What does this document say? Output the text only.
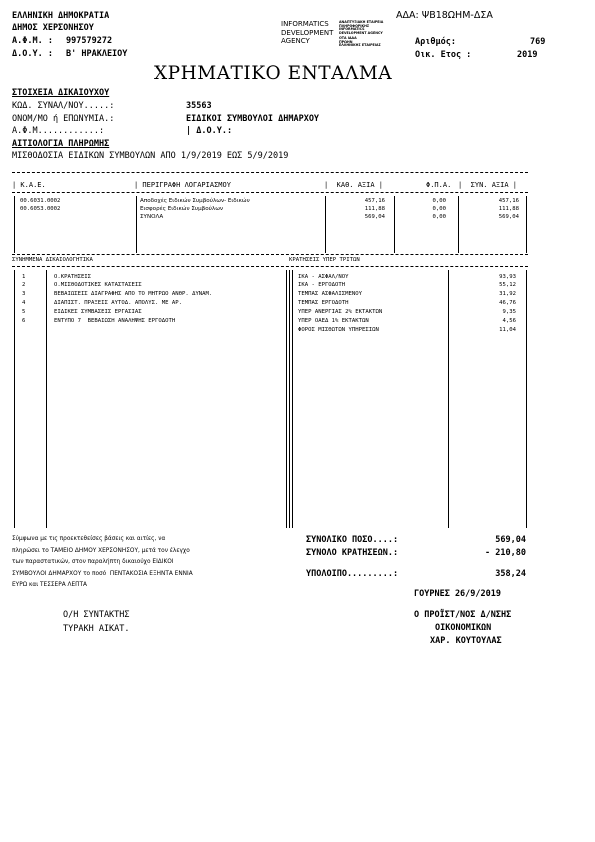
ΕΛΛΗΝΙΚΗ ΔΗΜΟΚΡΑΤΙΑ
ΔΗΜΟΣ ΧΕΡΣΟΝΗΣΟΥ
Α.Φ.Μ. : 997579272
Δ.Ο.Υ. : Β' ΗΡΑΚΛΕΙΟΥ
ΑΔΑ: ΨΒ18ΩΗΜ-ΔΣΑ
INFORMATICS DEVELOPMENT AGENCY
ΑΝΑΠΤΥΞΙΑΚΗ ΕΤΑΙΡΕΙΑ
ΠΛΗΡΟΦΟΡΙΚΗΣ
INFORMATICS
DEVELOPMENT AGENCY
ΟΤΑ ΙΔΑΑ
ΠΡΩΗΝ
ΕΛΛΗΝΙΚΗΣ ΕΤΑΙΡΕΙΑΣ	Αριθμός:	769
Οικ. Ετος :	2019
ΧΡΗΜΑΤΙΚΟ ΕΝΤΑΛΜΑ
ΣΤΟΙΧΕΙΑ ΔΙΚΑΙΟΥΧΟΥ
ΚΩΔ. ΣΥΝΑΛ/ΝΟΥ.....:	35563
ΟΝΟΜ/ΜΟ ή ΕΠΩΝΥΜΙΑ.:	ΕΙΔΙΚΟΙ ΣΥΜΒΟΥΛΟΙ ΔΗΜΑΡΧΟΥ
Α.Φ.Μ............:	| Δ.Ο.Υ.:
ΑΙΤΙΟΛΟΓΙΑ ΠΛΗΡΩΜΗΣ
ΜΙΣΘΟΔΟΣΙΑ ΕΙΔΙΚΩΝ ΣΥΜΒΟΥΛΩΝ ΑΠΟ 1/9/2019 ΕΩΣ 5/9/2019
| Κ.Α.Ε.	| ΠΕΡΙΓΡΑΦΗ ΛΟΓΑΡΙΑΣΜΟΥ	|  ΚΑΘ. ΑΞΙΑ |	Φ.Π.Α. |  ΣΥΝ. ΑΞΙΑ |
00.6031.0002	Αποδοχές Ειδικών Συμβούλων- Ειδικών	457,16	0,00	457,16
00.6053.0002	Εισφορές Ειδικών Συμβούλων	111,88	0,00	111,88
ΣΥΝΟΛΑ	569,04	0,00	569,04
ΣΥΝΗΜΜΕΝΑ ΔΙΚΑΙΟΛΟΓΗΤΙΚΑ	ΚΡΑΤΗΣΕΙΣ ΥΠΕΡ ΤΡΙΤΩΝ
1	Ο.ΚΡΑΤΗΣΕΙΣ
2	Ο.ΜΙΣΘΟΔΟΤΙΚΕΣ ΚΑΤΑΣΤΑΣΕΙΣ
3	ΒΕΒΑΙΩΣΕΙΣ ΔΙΑΓΡΑΦΗΣ ΑΠΟ ΤΟ ΜΗΤΡΩΟ ΑΝΘΡ. ΔΥΝΑΜ.
4	ΔΙΑΠΙΣΤ. ΠΡΑΞΕΙΣ ΑΥΤΟΔ. ΑΠΟΛΥΣ. ΜΕ ΑΡ.
5	ΕΙΔΙΚΕΣ ΣΥΜΒΑΣΕΙΣ ΕΡΓΑΣΙΑΣ
6	ΕΝΤΥΠΟ 7  ΒΕΒΑΙΩΣΗ ΑΝΑΛΗΨΗΣ ΕΡΓΟΔΟΤΗ
ΙΚΑ - ΑΣΦΑΛ/ΝΟΥ	93,93
ΙΚΑ - ΕΡΓΟΔΟΤΗ	55,12
ΤΕΜΠΑΣ ΑΣΦΑΛΙΣΜΕΝΟΥ	31,92
ΤΕΜΠΑΣ ΕΡΓΟΔΟΤΗ	46,76
ΥΠΕΡ ΑΝΕΡΓΙΑΣ 2% ΕΚΤΑΚΤΩΝ	9,35
ΥΠΕΡ ΟΑΕΔ 1% ΕΚΤΑΚΤΩΝ	4,56
ΦΟΡΟΣ ΜΙΣΘΩΤΩΝ ΥΠΗΡΕΣΙΩΝ	11,04
Σύμφωνα με τις προεκτεθείσες βάσεις και αιτίες, να
πληρώσει το ΤΑΜΕΙΟ ΔΗΜΟΥ ΧΕΡΣΟΝΗΣΟΥ, μετά τον έλεγχο
των παραστατικών, στον παραλήπτη δικαιούχο ΕΙΔΙΚΟΙ
ΣΥΜΒΟΥΛΟΙ ΔΗΜΑΡΧΟΥ το ποσό  ΠΕΝΤΑΚΟΣΙΑ ΕΞΗΝΤΑ ΕΝΝΙΑ
ΕΥΡΩ και ΤΕΣΣΕΡΑ ΛΕΠΤΑ
ΣΥΝΟΛΙΚΟ ΠΟΣΟ....:	569,04
ΣΥΝΟΛΟ ΚΡΑΤΗΣΕΩΝ.:	- 210,80
ΥΠΟΛΟΙΠΟ.........:	358,24
ΓΟΥΡΝΕΣ 26/9/2019
Ο/Η ΣΥΝΤΑΚΤΗΣ
ΤΥΡΑΚΗ ΑΙΚΑΤ.
Ο ΠΡΟΪΣΤ/ΝΟΣ Δ/ΝΣΗΣ
ΟΙΚΟΝΟΜΙΚΩΝ
ΧΑΡ. ΚΟΥΤΟΥΛΑΣ
